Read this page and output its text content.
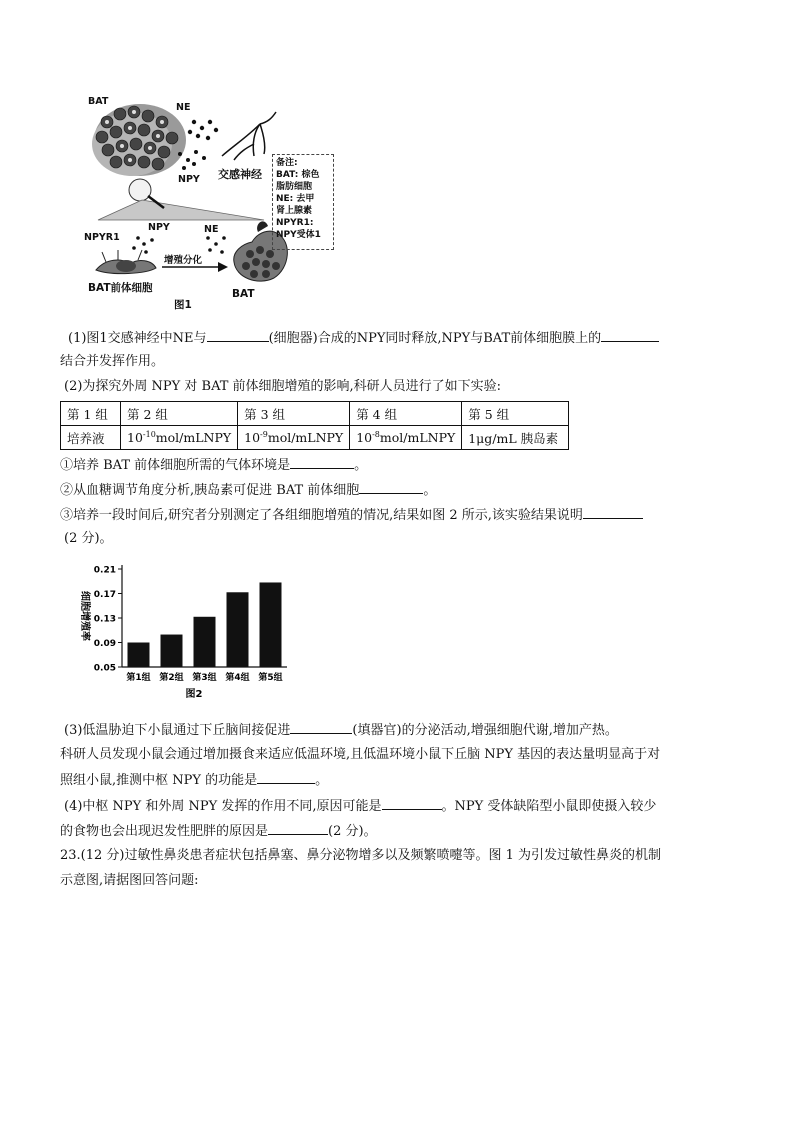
BAT
NE
NPY 交感神经
NPY	NE
NPYR1
增殖分化
BAT前体细胞	BAT
图1
备注:
BAT: 棕色
脂肪细胞
NE: 去甲
肾上腺素
NPYR1:
NPY受体1
(1)图1交感神经中NE与	(细胞器)合成的NPY同时释放,NPY与BAT前体细胞膜上的
结合并发挥作用。
(2)为探究外周 NPY 对 BAT 前体细胞增殖的影响,科研人员进行了如下实验:
第 1 组	第 2 组	第 3 组	第 4 组	第 5 组
培养液	$10^{-10}mol$/mLNPY	$10^{-9}mol$/mLNPY	$10^{-8}mol$/mLNPY	1μg/mL 胰岛素
①培养 BAT 前体细胞所需的气体环境是	。
②从血糖调节角度分析,胰岛素可促进 BAT 前体细胞	。
③培养一段时间后,研究者分别测定了各组细胞增殖的情况,结果如图 2 所示,该实验结果说明
(2 分)。
细胞增殖率
图2
0.05
0.09
0.13
0.17
0.21
第1组 第2组 第3组 第4组 第5组
(3)低温胁迫下小鼠通过下丘脑间接促进	(填器官)的分泌活动,增强细胞代谢,增加产热。
科研人员发现小鼠会通过增加摄食来适应低温环境,且低温环境小鼠下丘脑 NPY 基因的表达量明显高于对
照组小鼠,推测中枢 NPY 的功能是	。
(4)中枢 NPY 和外周 NPY 发挥的作用不同,原因可能是	。NPY 受体缺陷型小鼠即使摄入较少
的食物也会出现迟发性肥胖的原因是	(2 分)。
23.(12 分)过敏性鼻炎患者症状包括鼻塞、鼻分泌物增多以及频繁喷嚏等。图 1 为引发过敏性鼻炎的机制
示意图,请据图回答问题:
